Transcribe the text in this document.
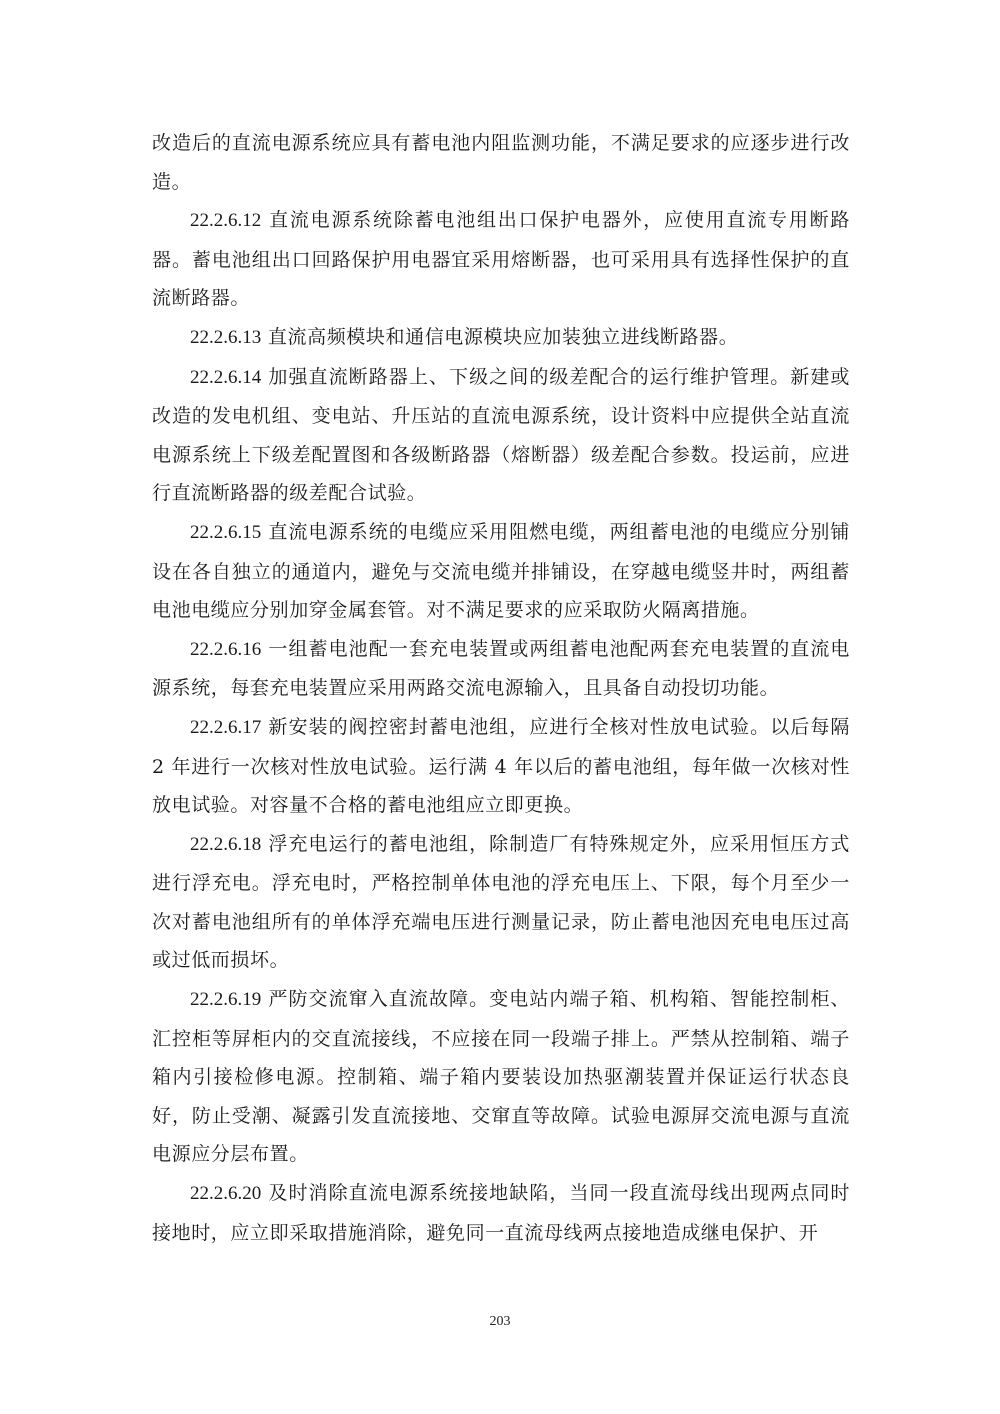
改造后的直流电源系统应具有蓄电池内阻监测功能，不满足要求的应逐步进行改造。

22.2.6.12 直流电源系统除蓄电池组出口保护电器外，应使用直流专用断路器。蓄电池组出口回路保护用电器宜采用熔断器，也可采用具有选择性保护的直流断路器。

22.2.6.13 直流高频模块和通信电源模块应加装独立进线断路器。

22.2.6.14 加强直流断路器上、下级之间的级差配合的运行维护管理。新建或改造的发电机组、变电站、升压站的直流电源系统，设计资料中应提供全站直流电源系统上下级差配置图和各级断路器（熔断器）级差配合参数。投运前，应进行直流断路器的级差配合试验。

22.2.6.15 直流电源系统的电缆应采用阻燃电缆，两组蓄电池的电缆应分别铺设在各自独立的通道内，避免与交流电缆并排铺设，在穿越电缆竖井时，两组蓄电池电缆应分别加穿金属套管。对不满足要求的应采取防火隔离措施。

22.2.6.16 一组蓄电池配一套充电装置或两组蓄电池配两套充电装置的直流电源系统，每套充电装置应采用两路交流电源输入，且具备自动投切功能。

22.2.6.17 新安装的阀控密封蓄电池组，应进行全核对性放电试验。以后每隔 2 年进行一次核对性放电试验。运行满 4 年以后的蓄电池组，每年做一次核对性放电试验。对容量不合格的蓄电池组应立即更换。

22.2.6.18 浮充电运行的蓄电池组，除制造厂有特殊规定外，应采用恒压方式进行浮充电。浮充电时，严格控制单体电池的浮充电压上、下限，每个月至少一次对蓄电池组所有的单体浮充端电压进行测量记录，防止蓄电池因充电电压过高或过低而损坏。

22.2.6.19 严防交流窜入直流故障。变电站内端子箱、机构箱、智能控制柜、汇控柜等屏柜内的交直流接线，不应接在同一段端子排上。严禁从控制箱、端子箱内引接检修电源。控制箱、端子箱内要装设加热驱潮装置并保证运行状态良好，防止受潮、凝露引发直流接地、交窜直等故障。试验电源屏交流电源与直流电源应分层布置。

22.2.6.20 及时消除直流电源系统接地缺陷，当同一段直流母线出现两点同时接地时，应立即采取措施消除，避免同一直流母线两点接地造成继电保护、开

203
